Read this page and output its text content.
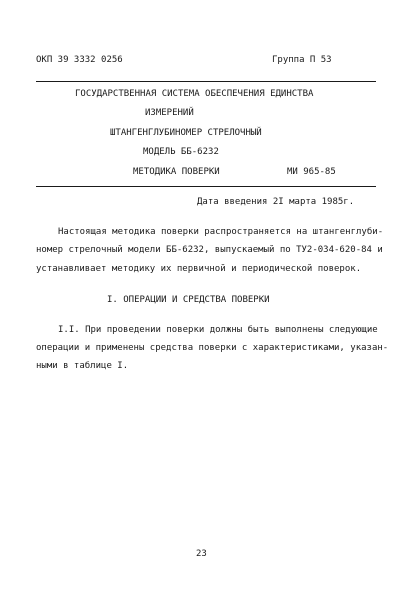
ОКП 39 3332 0256	Группа П 53
ГОСУДАРСТВЕННАЯ СИСТЕМА ОБЕСПЕЧЕНИЯ ЕДИНСТВА
ИЗМЕРЕНИЙ
ШТАНГЕНГЛУБИНОМЕР СТРЕЛОЧНЫЙ
МОДЕЛЬ ББ-6232
МЕТОДИКА ПОВЕРКИ	МИ 965-85
Дата введения 2I марта 1985г.
Настоящая методика поверки распространяется на штангенглуби-
номер стрелочный модели ББ-6232, выпускаемый по ТУ2-034-620-84 и
устанавливает методику их первичной и периодической поверок.
I. ОПЕРАЦИИ И СРЕДСТВА ПОВЕРКИ
I.I. При проведении поверки должны быть выполнены следующие
операции и применены средства поверки с характеристиками, указан-
ными в таблице I.
23
